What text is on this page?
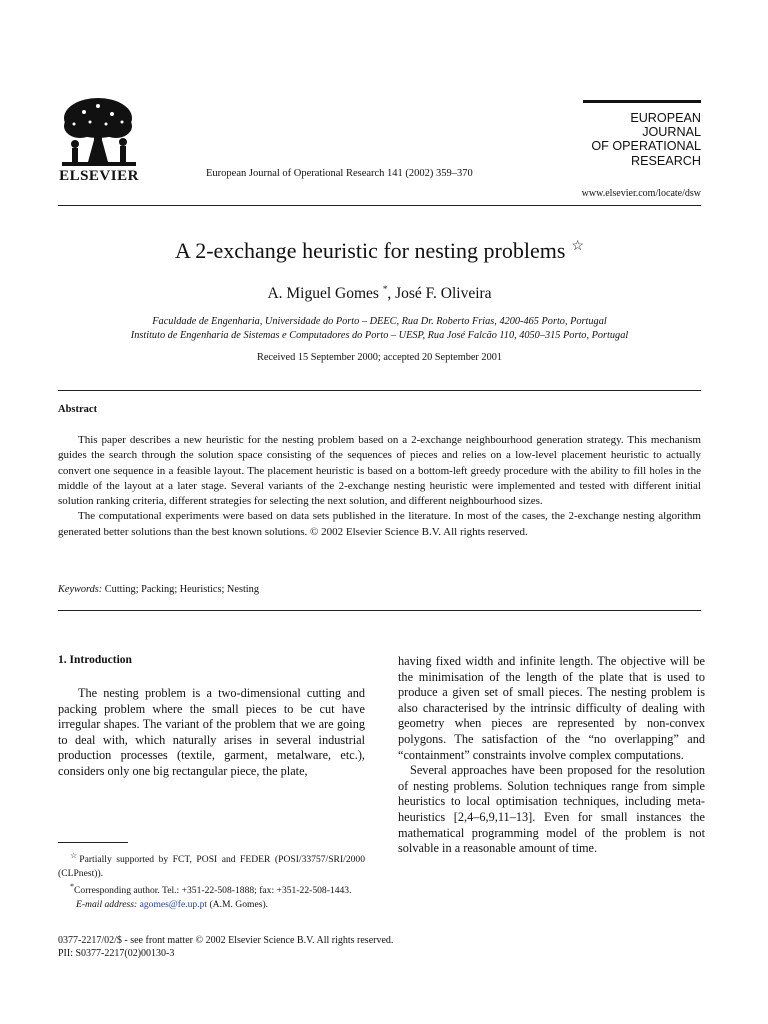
ELSEVIER	European Journal of Operational Research 141 (2002) 359–370
EUROPEAN
JOURNAL
OF OPERATIONAL
RESEARCH
www.elsevier.com/locate/dsw
A 2-exchange heuristic for nesting problems ☆
A. Miguel Gomes *, José F. Oliveira
Faculdade de Engenharia, Universidade do Porto – DEEC, Rua Dr. Roberto Frias, 4200-465 Porto, Portugal
Instituto de Engenharia de Sistemas e Computadores do Porto – UESP, Rua José Falcão 110, 4050–315 Porto, Portugal
Received 15 September 2000; accepted 20 September 2001
Abstract

This paper describes a new heuristic for the nesting problem based on a 2-exchange neighbourhood generation strategy. This mechanism guides the search through the solution space consisting of the sequences of pieces and relies on a low-level placement heuristic to actually convert one sequence in a feasible layout. The placement heuristic is based on a bottom-left greedy procedure with the ability to fill holes in the middle of the layout at a later stage. Several variants of the 2-exchange nesting heuristic were implemented and tested with different initial solution ranking criteria, different strategies for selecting the next solution, and different neighbourhood sizes.

The computational experiments were based on data sets published in the literature. In most of the cases, the 2-exchange nesting algorithm generated better solutions than the best known solutions. © 2002 Elsevier Science B.V. All rights reserved.

Keywords: Cutting; Packing; Heuristics; Nesting
1. Introduction

The nesting problem is a two-dimensional cutting and packing problem where the small pieces to be cut have irregular shapes. The variant of the problem that we are going to deal with, which naturally arises in several industrial production processes (textile, garment, metalware, etc.), considers only one big rectangular piece, the plate,

☆Partially supported by FCT, POSI and FEDER (POSI/33757/SRI/2000 (CLPnest)).

*Corresponding author. Tel.: +351-22-508-1888; fax: +351-22-508-1443.

E-mail address: agomes@fe.up.pt (A.M. Gomes).

having fixed width and infinite length. The objective will be the minimisation of the length of the plate that is used to produce a given set of small pieces. The nesting problem is also characterised by the intrinsic difficulty of dealing with geometry when pieces are represented by non-convex polygons. The satisfaction of the “no overlapping” and “containment” constraints involve complex computations.

Several approaches have been proposed for the resolution of nesting problems. Solution techniques range from simple heuristics to local optimisation techniques, including meta-heuristics [2,4–6,9,11–13]. Even for small instances the mathematical programming model of the problem is not solvable in a reasonable amount of time.

0377-2217/02/$ - see front matter © 2002 Elsevier Science B.V. All rights reserved.
PII: S0377-2217(02)00130-3
